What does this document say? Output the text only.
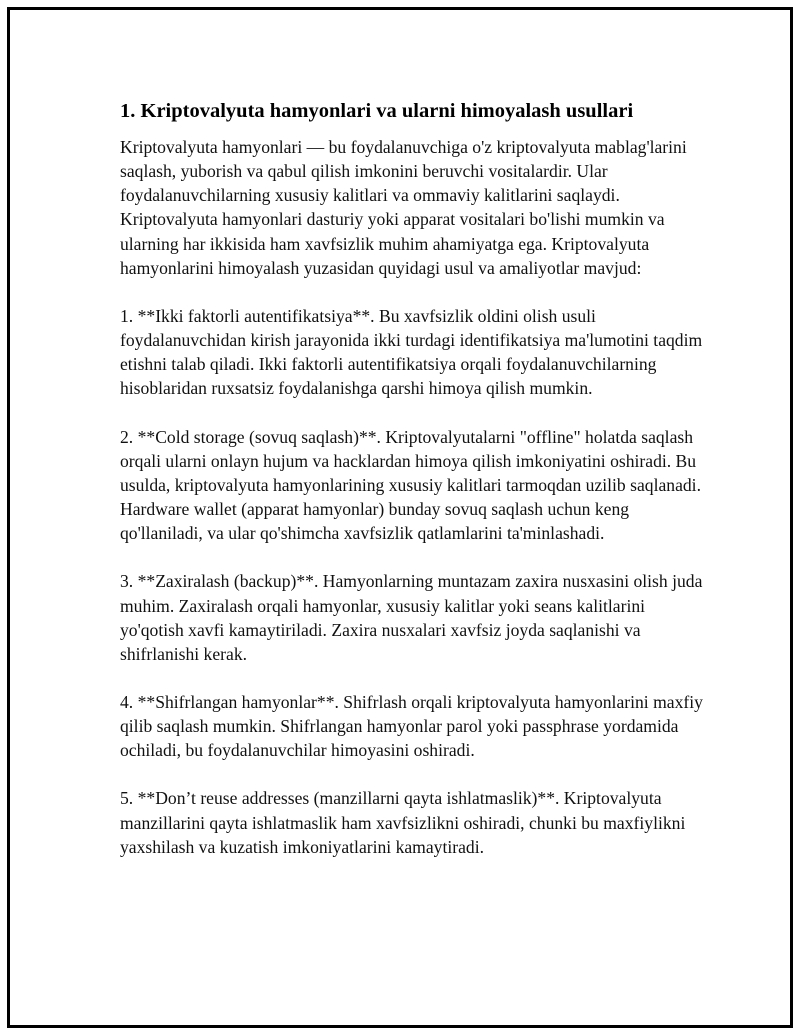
1. Kriptovalyuta hamyonlari va ularni himoyalash usullari

Kriptovalyuta hamyonlari — bu foydalanuvchiga o'z kriptovalyuta mablag'larini saqlash, yuborish va qabul qilish imkonini beruvchi vositalardir. Ular foydalanuvchilarning xususiy kalitlari va ommaviy kalitlarini saqlaydi. Kriptovalyuta hamyonlari dasturiy yoki apparat vositalari bo'lishi mumkin va ularning har ikkisida ham xavfsizlik muhim ahamiyatga ega. Kriptovalyuta hamyonlarini himoyalash yuzasidan quyidagi usul va amaliyotlar mavjud:

1. **Ikki faktorli autentifikatsiya**. Bu xavfsizlik oldini olish usuli foydalanuvchidan kirish jarayonida ikki turdagi identifikatsiya ma'lumotini taqdim etishni talab qiladi. Ikki faktorli autentifikatsiya orqali foydalanuvchilarning hisoblaridan ruxsatsiz foydalanishga qarshi himoya qilish mumkin.

2. **Cold storage (sovuq saqlash)**. Kriptovalyutalarni "offline" holatda saqlash orqali ularni onlayn hujum va hacklardan himoya qilish imkoniyatini oshiradi. Bu usulda, kriptovalyuta hamyonlarining xususiy kalitlari tarmoqdan uzilib saqlanadi. Hardware wallet (apparat hamyonlar) bunday sovuq saqlash uchun keng qo'llaniladi, va ular qo'shimcha xavfsizlik qatlamlarini ta'minlashadi.

3. **Zaxiralash (backup)**. Hamyonlarning muntazam zaxira nusxasini olish juda muhim. Zaxiralash orqali hamyonlar, xususiy kalitlar yoki seans kalitlarini yo'qotish xavfi kamaytiriladi. Zaxira nusxalari xavfsiz joyda saqlanishi va shifrlanishi kerak.

4. **Shifrlangan hamyonlar**. Shifrlash orqali kriptovalyuta hamyonlarini maxfiy qilib saqlash mumkin. Shifrlangan hamyonlar parol yoki passphrase yordamida ochiladi, bu foydalanuvchilar himoyasini oshiradi.

5. **Don’t reuse addresses (manzillarni qayta ishlatmaslik)**. Kriptovalyuta manzillarini qayta ishlatmaslik ham xavfsizlikni oshiradi, chunki bu maxfiylikni yaxshilash va kuzatish imkoniyatlarini kamaytiradi.
